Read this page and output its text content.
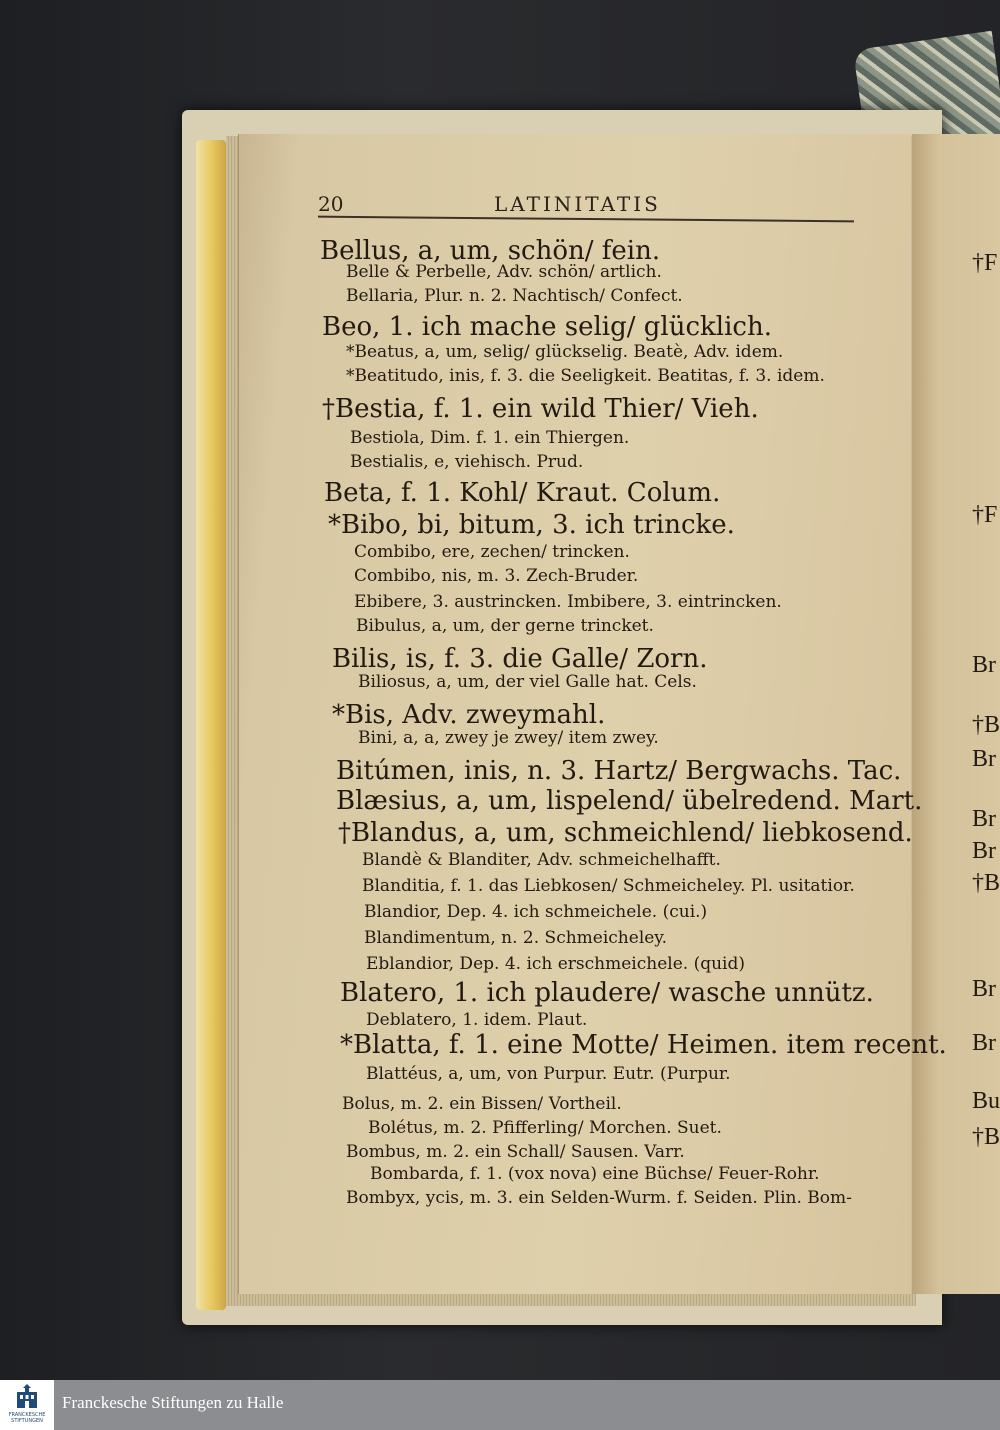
20	LATINITATIS
Bellus, a, um, schön/ fein.
Belle & Perbelle, Adv. schön/ artlich.
Bellaria, Plur. n. 2. Nachtisch/ Confect.
Beo, 1. ich mache selig/ glücklich.
*Beatus, a, um, selig/ glückselig. Beatè, Adv. idem.
*Beatitudo, inis, f. 3. die Seeligkeit. Beatitas, f. 3. idem.
†Bestia, f. 1. ein wild Thier/ Vieh.
Bestiola, Dim. f. 1. ein Thiergen.
Bestialis, e, viehisch. Prud.
Beta, f. 1. Kohl/ Kraut. Colum.
*Bibo, bi, bitum, 3. ich trincke.
Combibo, ere, zechen/ trincken.
Combibo, nis, m. 3. Zech-Bruder.
Ebibere, 3. austrincken. Imbibere, 3. eintrincken.
Bibulus, a, um, der gerne trincket.
Bilis, is, f. 3. die Galle/ Zorn.
Biliosus, a, um, der viel Galle hat. Cels.
*Bis, Adv. zweymahl.
Bini, a, a, zwey je zwey/ item zwey.
Bitúmen, inis, n. 3. Hartz/ Bergwachs. Tac.
Blæsius, a, um, lispelend/ übelredend. Mart.
†Blandus, a, um, schmeichlend/ liebkosend.
Blandè & Blanditer, Adv. schmeichelhafft.
Blanditia, f. 1. das Liebkosen/ Schmeicheley. Pl. usitatior.
Blandior, Dep. 4. ich schmeichele. (cui.)
Blandimentum, n. 2. Schmeicheley.
Eblandior, Dep. 4. ich erschmeichele. (quid)
Blatero, 1. ich plaudere/ wasche unnütz.
Deblatero, 1. idem. Plaut.
*Blatta, f. 1. eine Motte/ Heimen. item recent.
Blattéus, a, um, von Purpur. Eutr. (Purpur.
Bolus, m. 2. ein Bissen/ Vortheil.
Bolétus, m. 2. Pfifferling/ Morchen. Suet.
Bombus, m. 2. ein Schall/ Sausen. Varr.
Bombarda, f. 1. (vox nova) eine Büchse/ Feuer-Rohr.
Bombyx, ycis, m. 3. ein Selden-Wurm. f. Seiden. Plin. Bom-
†F
†F
Br
†B
Br
Br
Br
†B
Br
Br
Bu
†B
FRANCKESCHE STIFTUNGEN
Franckesche Stiftungen zu Halle
